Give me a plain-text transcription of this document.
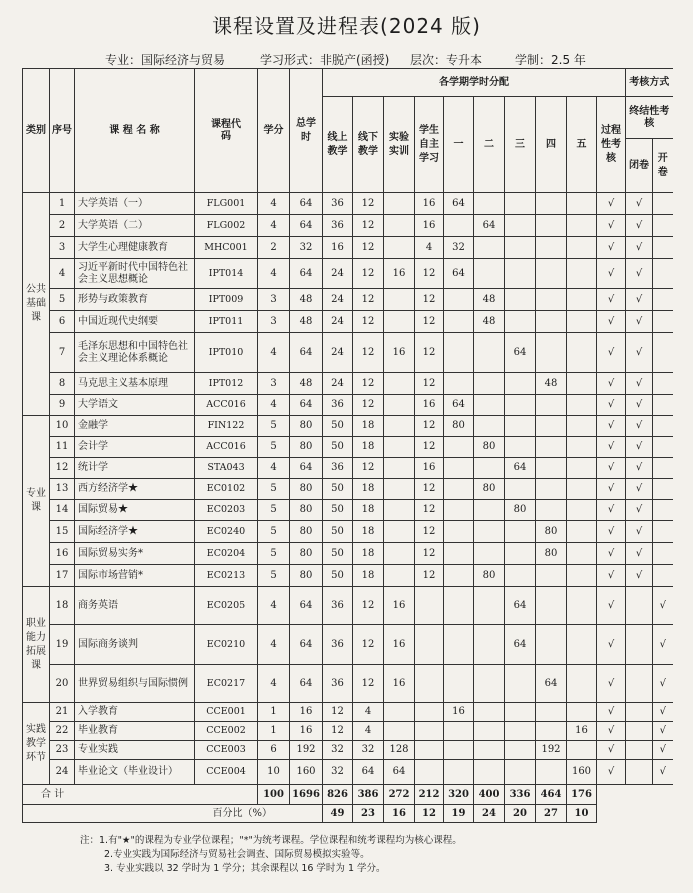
课程设置及进程表(2024 版)
专业：国际经济与贸易	学习形式：非脱产(函授) 层次：专升本	学制：2.5 年
类别	序号	课 程 名 称	课程代码	学分	总学时	各学期学时分配										考核方式	
						线上教学	线下教学	实验实训	学生自主学习	一	二	三	四	五	过程性考核	终结性考核	
																闭卷	开卷
公共基础课	1	大学英语（一）	FLG001	4	64	36	12		16	64					√	√	
	2	大学英语（二）	FLG002	4	64	36	12		16		64				√	√	
	3	大学生心理健康教育	MHC001	2	32	16	12		4	32					√	√	
	4	习近平新时代中国特色社会主义思想概论	IPT014	4	64	24	12	16	12	64					√	√	
	5	形势与政策教育	IPT009	3	48	24	12		12		48				√	√	
	6	中国近现代史纲要	IPT011	3	48	24	12		12		48				√	√	
	7	毛泽东思想和中国特色社会主义理论体系概论	IPT010	4	64	24	12	16	12			64			√	√	
	8	马克思主义基本原理	IPT012	3	48	24	12		12				48		√	√	
	9	大学语文	ACC016	4	64	36	12		16	64					√	√	
专业课	10	金融学	FIN122	5	80	50	18		12	80					√	√	
	11	会计学	ACC016	5	80	50	18		12		80				√	√	
	12	统计学	STA043	4	64	36	12		16			64			√	√	
	13	西方经济学★	EC0102	5	80	50	18		12		80				√	√	
	14	国际贸易★	EC0203	5	80	50	18		12			80			√	√	
	15	国际经济学★	EC0240	5	80	50	18		12				80		√	√	
	16	国际贸易实务*	EC0204	5	80	50	18		12				80		√	√	
	17	国际市场营销*	EC0213	5	80	50	18		12		80				√	√	
职业能力拓展课	18	商务英语	EC0205	4	64	36	12	16				64			√		√
	19	国际商务谈判	EC0210	4	64	36	12	16				64			√		√
	20	世界贸易组织与国际惯例	EC0217	4	64	36	12	16					64		√		√
实践教学环节	21	入学教育	CCE001	1	16	12	4			16					√		√
	22	毕业教育	CCE002	1	16	12	4							16	√		√
	23	专业实践	CCE003	6	192	32	32	128					192		√		√
	24	毕业论文（毕业设计）	CCE004	10	160	32	64	64						160	√		√
合 计				100	1696	826	386	272	212	320	400	336	464	176			
百分比（%）						49	23	16	12	19	24	20	27	10			
注：1.有"★"的课程为专业学位课程；"*"为统考课程。学位课程和统考课程均为核心课程。
2.专业实践为国际经济与贸易社会调查、国际贸易模拟实验等。
3. 专业实践以 32 学时为 1 学分；其余课程以 16 学时为 1 学分。
